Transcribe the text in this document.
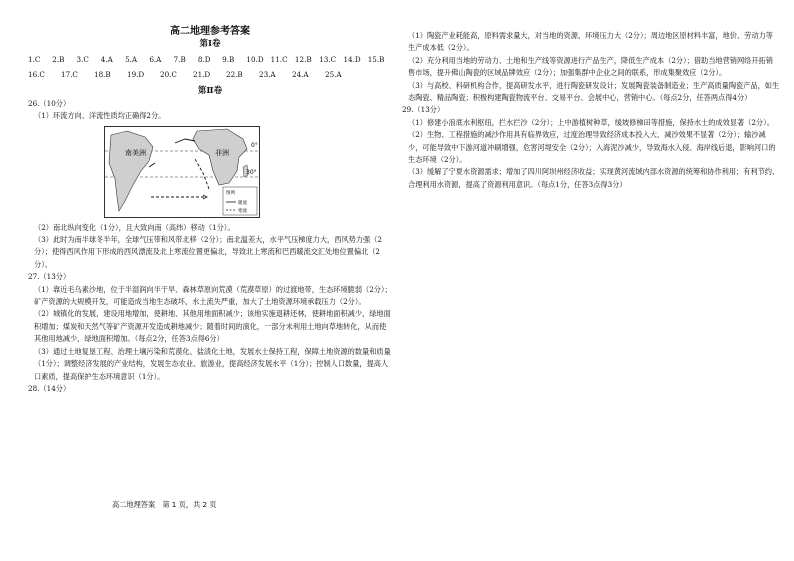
高二地理参考答案
第Ⅰ卷
1.C	2.B	3.C	4.A	5.A	6.A	7.B	8.D	9.B	10.D 11.C	12.B	13.C	14.D 15.B
16.C	17.C	18.B	19.D	20.C	21.D	22.B	23.A	24.A	25.A
第Ⅱ卷

26.（10分）

（1）环流方向、洋流性质均正确得2分。

南美洲	非洲
0°
30°
图例
暖流
寒流

（2）南北纵向变化（1分），且大致向南（高纬）移动（1分）。

（3）此时为南半球冬半年，全球气压带和风带北移（2分）；南北温差大，水平气压梯度力大，西风势力强（2分）；使得西风作用下形成的西风漂流及北上寒流位置更偏北，导致北上寒流和巴西暖流交汇处地位置偏北（2分）。

27.（13分）

（1）靠近毛乌素沙地，位于半湿润向半干旱、森林草原向荒漠（荒漠草原）的过渡地带，生态环境脆弱（2分）；矿产资源的大规模开发，可能造成当地生态破坏，水土流失严重，加大了土地资源环境承载压力（2分）。

（2）城镇化的发展，建设用地增加，使耕地、其他用地面积减少；该地实施退耕还林，使耕地面积减少，绿地面积增加；煤炭和天然气等矿产资源开发造成耕地减少；随着时间的演化，一部分未利用土地向草地转化，从而使其他用地减少，绿地面积增加。（每点2分，任答3点得6分）

（3）通过土地复垦工程、治理土壤污染和荒漠化、盐渍化土地，发展水土保持工程，保障土地资源的数量和质量（1分）；调整经济发展的产业结构，发展生态农业、旅游业，提高经济发展水平（1分）；控制人口数量，提高人口素质，提高保护生态环境意识（1分）。

28.（14分）

高二地理答案　第 1 页，共 2 页

（1）陶瓷产业耗能高，原料需求量大，对当地的资源、环境压力大（2分）；周边地区原材料丰富，地价、劳动力等生产成本低（2分）。

（2）充分利用当地的劳动力、土地和生产线等资源进行产品生产，降低生产成本（2分）；借助当地营销网络开拓销售市场，提升佛山陶瓷的区域品牌效应（2分）；加强集群中企业之间的联系，形成集聚效应（2分）。

（3）与高校、科研机构合作，提高研发水平，进行陶瓷研发设计；发展陶瓷装备制造业；生产高质量陶瓷产品，如生态陶瓷、精品陶瓷；积极构建陶瓷物流平台、交易平台、会展中心，营销中心。（每点2分，任答两点得4分）

29.（13分）

（1）修建小浪底水利枢纽，拦水拦沙（2分）；上中游植树种草，缓坡修梯田等措施，保持水土的成效显著（2分）。

（2）生物、工程措施的减沙作用具有临界效应，过度治理导致经济成本投入大、减沙效果不显著（2分）；输沙减少，可能导致中下游河道冲刷增强，危害河堤安全（2分）；入海泥沙减少，导致海水入侵、海岸线后退，影响河口的生态环境（2分）。

（3）缓解了宁夏水资源需求；增加了四川阿坝州经济收益；实现黄河流域内部水资源的统筹和协作利用；有利节约、合理利用水资源，提高了资源利用意识。（每点1分，任答3点得3分）
